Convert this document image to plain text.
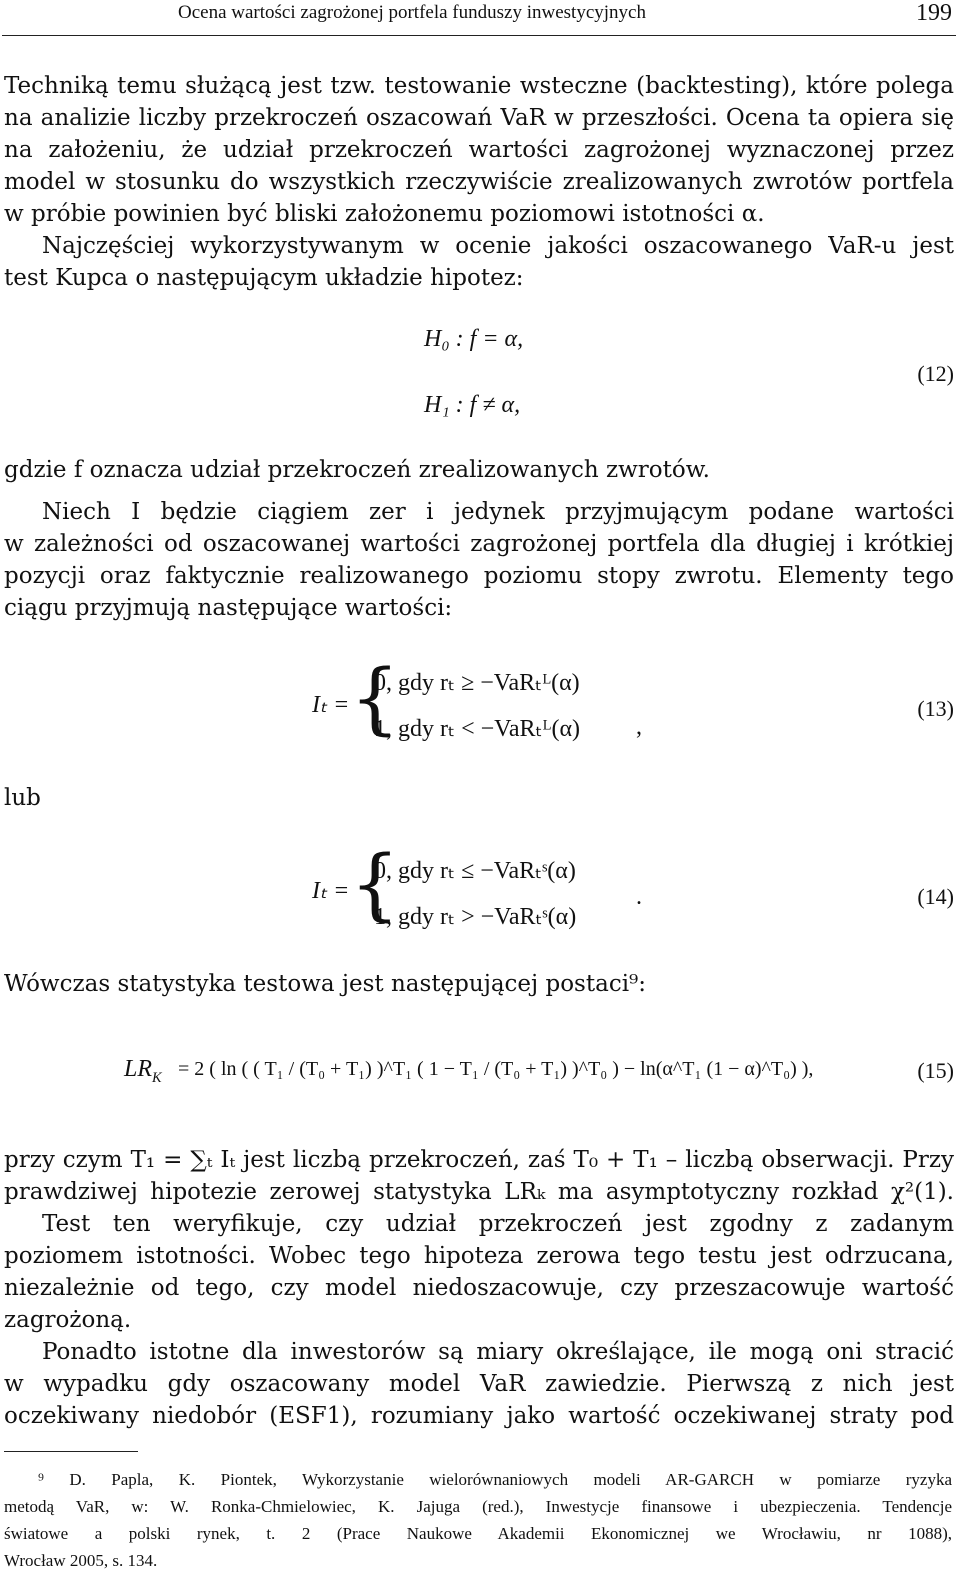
Ocena wartości zagrożonej portfela funduszy inwestycyjnych	199
Techniką temu służącą jest tzw. testowanie wsteczne (backtesting), które polega
na analizie liczby przekroczeń oszacowań VaR w przeszłości. Ocena ta opiera się
na założeniu, że udział przekroczeń wartości zagrożonej wyznaczonej przez
model w stosunku do wszystkich rzeczywiście zrealizowanych zwrotów portfela
w próbie powinien być bliski założonemu poziomowi istotności α.
Najczęściej wykorzystywanym w ocenie jakości oszacowanego VaR-u jest
test Kupca o następującym układzie hipotez:
H₀ : f = α,
H₁ : f ≠ α,
(12)
gdzie f oznacza udział przekroczeń zrealizowanych zwrotów.
Niech I będzie ciągiem zer i jedynek przyjmującym podane wartości
w zależności od oszacowanej wartości zagrożonej portfela dla długiej i krótkiej
pozycji oraz faktycznie realizowanego poziomu stopy zwrotu. Elementy tego
ciągu przyjmują następujące wartości:
Iₜ = {
0, gdy rₜ ≥ −VaRₜᴸ(α)
1, gdy rₜ < −VaRₜᴸ(α) ,
(13)
lub
Iₜ = {
0, gdy rₜ ≤ −VaRₜˢ(α)
1, gdy rₜ > −VaRₜˢ(α)
.	(14)
Wówczas statystyka testowa jest następującej postaci⁹:
$LR_K = 2$ ( ln ( ( T₁ / (T₀ + T₁) )^T₁ ( 1 − T₁ / (T₀ + T₁) )^T₀ ) − ln(α^T₁ (1 − α)^T₀) ),	(15)
przy czym T₁ = ∑ₜ Iₜ jest liczbą przekroczeń, zaś T₀ + T₁ – liczbą obserwacji. Przy
prawdziwej hipotezie zerowej statystyka LRₖ ma asymptotyczny rozkład χ²(1).
Test ten weryfikuje, czy udział przekroczeń jest zgodny z zadanym
poziomem istotności. Wobec tego hipoteza zerowa tego testu jest odrzucana,
niezależnie od tego, czy model niedoszacowuje, czy przeszacowuje wartość
zagrożoną.
Ponadto istotne dla inwestorów są miary określające, ile mogą oni stracić
w wypadku gdy oszacowany model VaR zawiedzie. Pierwszą z nich jest
oczekiwany niedobór (ESF1), rozumiany jako wartość oczekiwanej straty pod
⁹ D. Papla, K. Piontek, Wykorzystanie wielorównaniowych modeli AR-GARCH w pomiarze ryzyka
metodą VaR, w: W. Ronka-Chmielowiec, K. Jajuga (red.), Inwestycje finansowe i ubezpieczenia. Tendencje
światowe a polski rynek, t. 2 (Prace Naukowe Akademii Ekonomicznej we Wrocławiu, nr 1088),
Wrocław 2005, s. 134.
